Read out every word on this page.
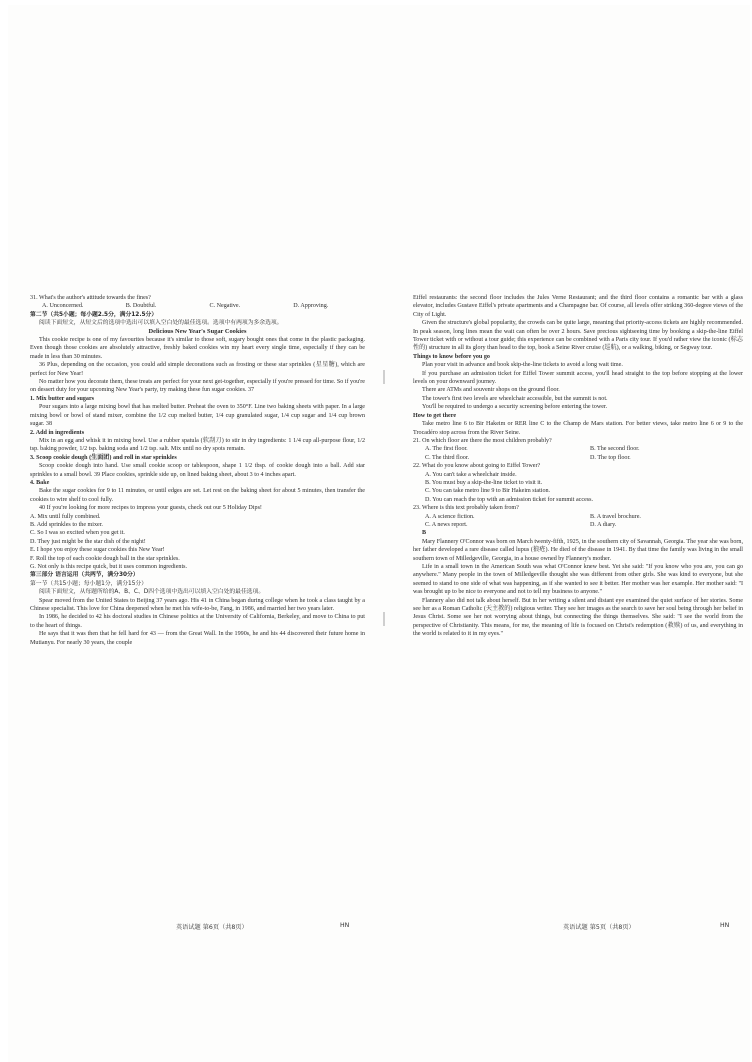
31. What's the author's attitude towards the fines?

A. Unconcerned.	B. Doubtful.	C. Negative.	D. Approving.

第二节（共5小题；每小题2.5分，满分12.5分）

阅读下面短文，从短文后的选项中选出可以填入空白处的最佳选项。选项中有两项为多余选项。

Delicious New Year's Sugar Cookies

This cookie recipe is one of my favourites because it's similar to those soft, sugary bought ones that come in the plastic packaging. Even though those cookies are absolutely attractive, freshly baked cookies win my heart every single time, especially if they can be made in less than 30 minutes.

36 Plus, depending on the occasion, you could add simple decorations such as frosting or these star sprinkles (星星糖), which are perfect for New Year!

No matter how you decorate them, these treats are perfect for your next get-together, especially if you're pressed for time. So if you're on dessert duty for your upcoming New Year's party, try making these fun sugar cookies. 37

1. Mix butter and sugars

Pour sugars into a large mixing bowl that has melted butter. Preheat the oven to 350°F. Line two baking sheets with paper. In a large mixing bowl or bowl of stand mixer, combine the 1/2 cup melted butter, 1/4 cup granulated sugar, 1/4 cup sugar and 1/4 cup brown sugar. 38

2. Add in ingredients

Mix in an egg and whisk it in mixing bowl. Use a rubber spatula (软刮刀) to stir in dry ingredients: 1 1/4 cup all-purpose flour, 1/2 tsp. baking powder, 1/2 tsp. baking soda and 1/2 tsp. salt. Mix until no dry spots remain.

3. Scoop cookie dough (生面团) and roll in star sprinkles

Scoop cookie dough into hand. Use small cookie scoop or tablespoon, shape 1 1/2 tbsp. of cookie dough into a ball. Add star sprinkles to a small bowl. 39 Place cookies, sprinkle side up, on lined baking sheet, about 3 to 4 inches apart.

4. Bake

Bake the sugar cookies for 9 to 11 minutes, or until edges are set. Let rest on the baking sheet for about 5 minutes, then transfer the cookies to wire shelf to cool fully.

40 If you're looking for more recipes to impress your guests, check out our 5 Holiday Dips!

A. Mix until fully combined.

B. Add sprinkles to the mixer.

C. So I was so excited when you get it.

D. They just might be the star dish of the night!

E. I hope you enjoy these sugar cookies this New Year!

F. Roll the top of each cookie dough ball in the star sprinkles.

G. Not only is this recipe quick, but it uses common ingredients.

第三部分 语言运用（共两节，满分30分）

第一节（共15小题；每小题1分，满分15分）

阅读下面短文，从每题所给的A、B、C、D四个选项中选出可以填入空白处的最佳选项。

Spear moved from the United States to Beijing 37 years ago. His 41 in China began during college when he took a class taught by a Chinese specialist. This love for China deepened when he met his wife-to-be, Fang, in 1986, and married her two years later.

In 1986, he decided to 42 his doctoral studies in Chinese politics at the University of California, Berkeley, and move to China to put to the heart of things.

He says that it was then that he fell hard for 43 — from the Great Wall. In the 1990s, he and his 44 discovered their future home in Mutianyu. For nearly 30 years, the couple

Eiffel restaurants: the second floor includes the Jules Verne Restaurant; and the third floor contains a romantic bar with a glass elevator, includes Gustave Eiffel's private apartments and a Champagne bar. Of course, all levels offer striking 360-degree views of the City of Light.

Given the structure's global popularity, the crowds can be quite large, meaning that priority-access tickets are highly recommended. In peak season, long lines mean the wait can often be over 2 hours. Save precious sightseeing time by booking a skip-the-line Eiffel Tower ticket with or without a tour guide; this experience can be combined with a Paris city tour. If you'd rather view the iconic (标志性的) structure in all its glory than head to the top, book a Seine River cruise (巡航), or a walking, biking, or Segway tour.

Things to know before you go

Plan your visit in advance and book skip-the-line tickets to avoid a long wait time.

If you purchase an admission ticket for Eiffel Tower summit access, you'll head straight to the top before stopping at the lower levels on your downward journey.

There are ATMs and souvenir shops on the ground floor.

The tower's first two levels are wheelchair accessible, but the summit is not.

You'll be required to undergo a security screening before entering the tower.

How to get there

Take metro line 6 to Bir Hakeim or RER line C to the Champ de Mars station. For better views, take metro line 6 or 9 to the Trocadéro stop across from the River Seine.

21. On which floor are there the most children probably?

A. The first floor.	B. The second floor.
C. The third floor.	D. The top floor.

22. What do you know about going to Eiffel Tower?

A. You can't take a wheelchair inside.

B. You must buy a skip-the-line ticket to visit it.

C. You can take metro line 9 to Bir Hakeim station.

D. You can reach the top with an admission ticket for summit access.

23. Where is this text probably taken from?

A. A science fiction.	B. A travel brochure.
C. A news report.	D. A diary.

B

Mary Flannery O'Connor was born on March twenty-fifth, 1925, in the southern city of Savannah, Georgia. The year she was born, her father developed a rare disease called lupus (狼疮). He died of the disease in 1941. By that time the family was living in the small southern town of Milledgeville, Georgia, in a house owned by Flannery's mother.

Life in a small town in the American South was what O'Connor knew best. Yet she said: "If you know who you are, you can go anywhere." Many people in the town of Milledgeville thought she was different from other girls. She was kind to everyone, but she seemed to stand to one side of what was happening, as if she wanted to see it better. Her mother was her example. Her mother said: "I was brought up to be nice to everyone and not to tell my business to anyone."

Flannery also did not talk about herself. But in her writing a silent and distant eye examined the quiet surface of her stories. Some see her as a Roman Catholic (天主教的) religious writer. They see her images as the search to save her soul being through her belief in Jesus Christ. Some see her not worrying about things, but connecting the things themselves. She said: "I see the world from the perspective of Christianity. This means, for me, the meaning of life is focused on Christ's redemption (救赎) of us, and everything in the world is related to it in my eyes."

英语试题 第6页（共8页）	HN	英语试题 第5页（共8页）	HN
